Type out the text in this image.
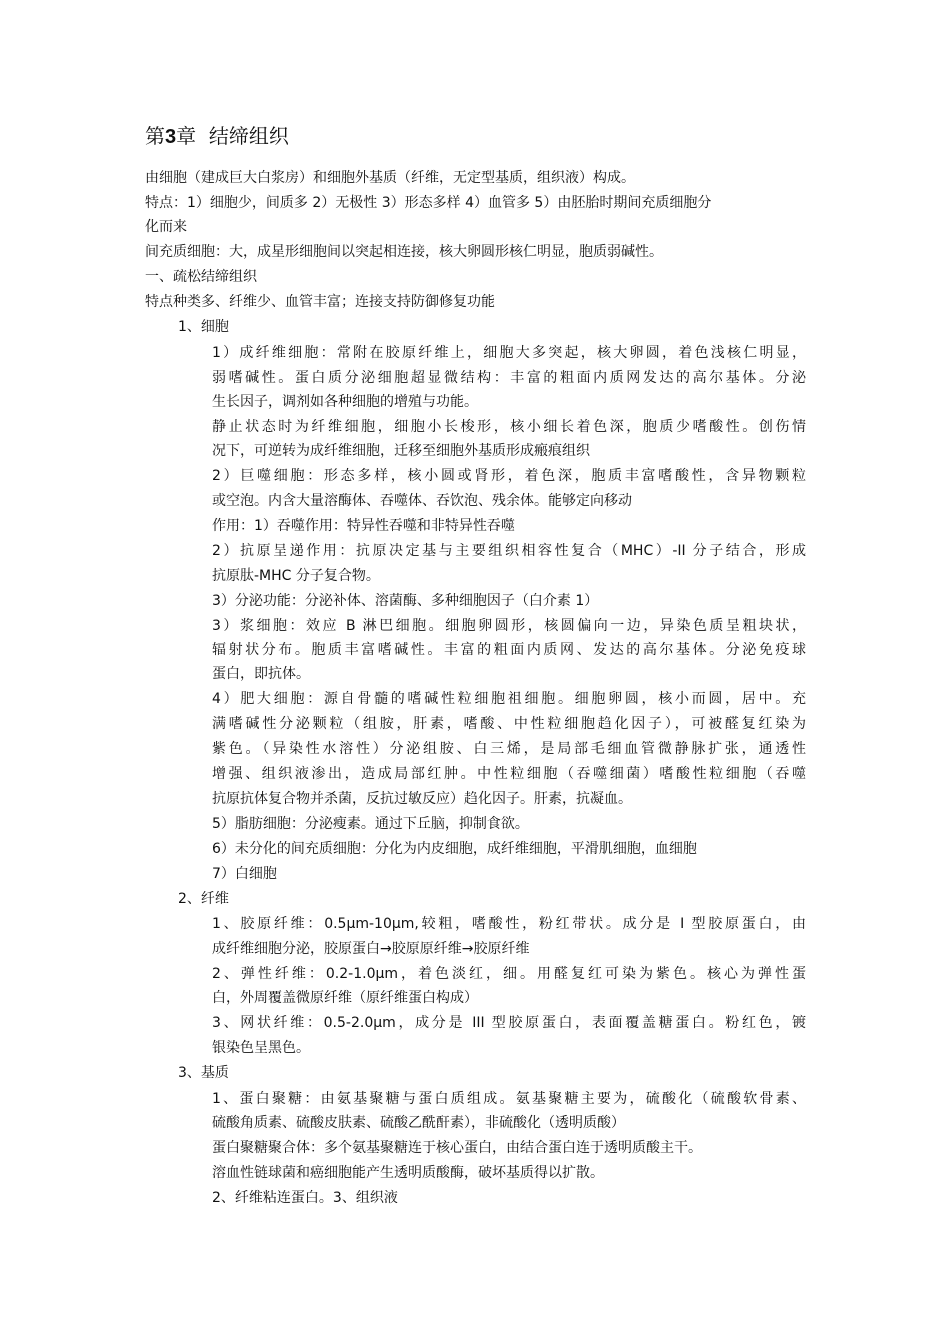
第3章 结缔组织
由细胞（建成巨大白浆房）和细胞外基质（纤维，无定型基质，组织液）构成。
特点：1）细胞少，间质多 2）无极性 3）形态多样 4）血管多 5）由胚胎时期间充质细胞分
化而来
间充质细胞：大，成星形细胞间以突起相连接，核大卵圆形核仁明显，胞质弱碱性。
一、疏松结缔组织
特点种类多、纤维少、血管丰富；连接支持防御修复功能
1、细胞
1）成纤维细胞：常附在胶原纤维上，细胞大多突起，核大卵圆，着色浅核仁明显，
弱嗜碱性。蛋白质分泌细胞超显微结构：丰富的粗面内质网发达的高尔基体。分泌
生长因子，调剂如各种细胞的增殖与功能。
静止状态时为纤维细胞，细胞小长梭形，核小细长着色深，胞质少嗜酸性。创伤情
况下，可逆转为成纤维细胞，迁移至细胞外基质形成瘢痕组织
2）巨噬细胞：形态多样，核小圆或肾形，着色深，胞质丰富嗜酸性，含异物颗粒
或空泡。内含大量溶酶体、吞噬体、吞饮泡、残余体。能够定向移动
作用：1）吞噬作用：特异性吞噬和非特异性吞噬
2）抗原呈递作用：抗原决定基与主要组织相容性复合（MHC）-II 分子结合，形成
抗原肽-MHC 分子复合物。
3）分泌功能：分泌补体、溶菌酶、多种细胞因子（白介素 1）
3）浆细胞：效应 B 淋巴细胞。细胞卵圆形，核圆偏向一边，异染色质呈粗块状，
辐射状分布。胞质丰富嗜碱性。丰富的粗面内质网、发达的高尔基体。分泌免疫球
蛋白，即抗体。
4）肥大细胞：源自骨髓的嗜碱性粒细胞祖细胞。细胞卵圆，核小而圆，居中。充
满嗜碱性分泌颗粒（组胺，肝素，嗜酸、中性粒细胞趋化因子），可被醛复红染为
紫色。（异染性水溶性）分泌组胺、白三烯，是局部毛细血管微静脉扩张，通透性
增强、组织液渗出，造成局部红肿。中性粒细胞（吞噬细菌）嗜酸性粒细胞（吞噬
抗原抗体复合物并杀菌，反抗过敏反应）趋化因子。肝素，抗凝血。
5）脂肪细胞：分泌瘦素。通过下丘脑，抑制食欲。
6）未分化的间充质细胞：分化为内皮细胞，成纤维细胞，平滑肌细胞，血细胞
7）白细胞
2、纤维
1、胶原纤维：0.5μm-10μm,较粗，嗜酸性，粉红带状。成分是 I 型胶原蛋白，由
成纤维细胞分泌，胶原蛋白→胶原原纤维→胶原纤维
2、弹性纤维：0.2-1.0μm，着色淡红，细。用醛复红可染为紫色。核心为弹性蛋
白，外周覆盖微原纤维（原纤维蛋白构成）
3、网状纤维：0.5-2.0μm，成分是 III 型胶原蛋白，表面覆盖糖蛋白。粉红色，镀
银染色呈黑色。
3、基质
1、蛋白聚糖：由氨基聚糖与蛋白质组成。氨基聚糖主要为，硫酸化（硫酸软骨素、
硫酸角质素、硫酸皮肤素、硫酸乙酰酐素），非硫酸化（透明质酸）
蛋白聚糖聚合体：多个氨基聚糖连于核心蛋白，由结合蛋白连于透明质酸主干。
溶血性链球菌和癌细胞能产生透明质酸酶，破坏基质得以扩散。
2、纤维粘连蛋白。3、组织液
